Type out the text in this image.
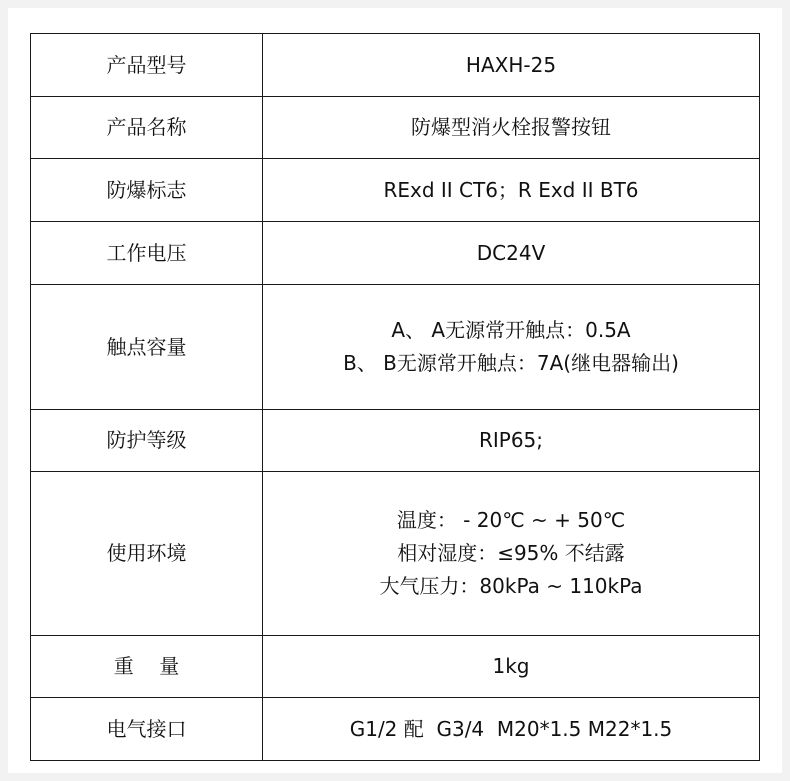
产品型号	HAXH-25

产品名称	防爆型消火栓报警按钮

防爆标志	RExd II CT6；R Exd II BT6

工作电压	DC24V

触点容量	A、 A无源常开触点：0.5A
B、 B无源常开触点：7A(继电器输出)

防护等级	RIP65;

使用环境	温度： - 20℃ ~ + 50℃
相对湿度：≤95% 不结露
大气压力：80kPa ~ 110kPa

重    量	1kg

电气接口	G1/2 配  G3/4  M20*1.5 M22*1.5
